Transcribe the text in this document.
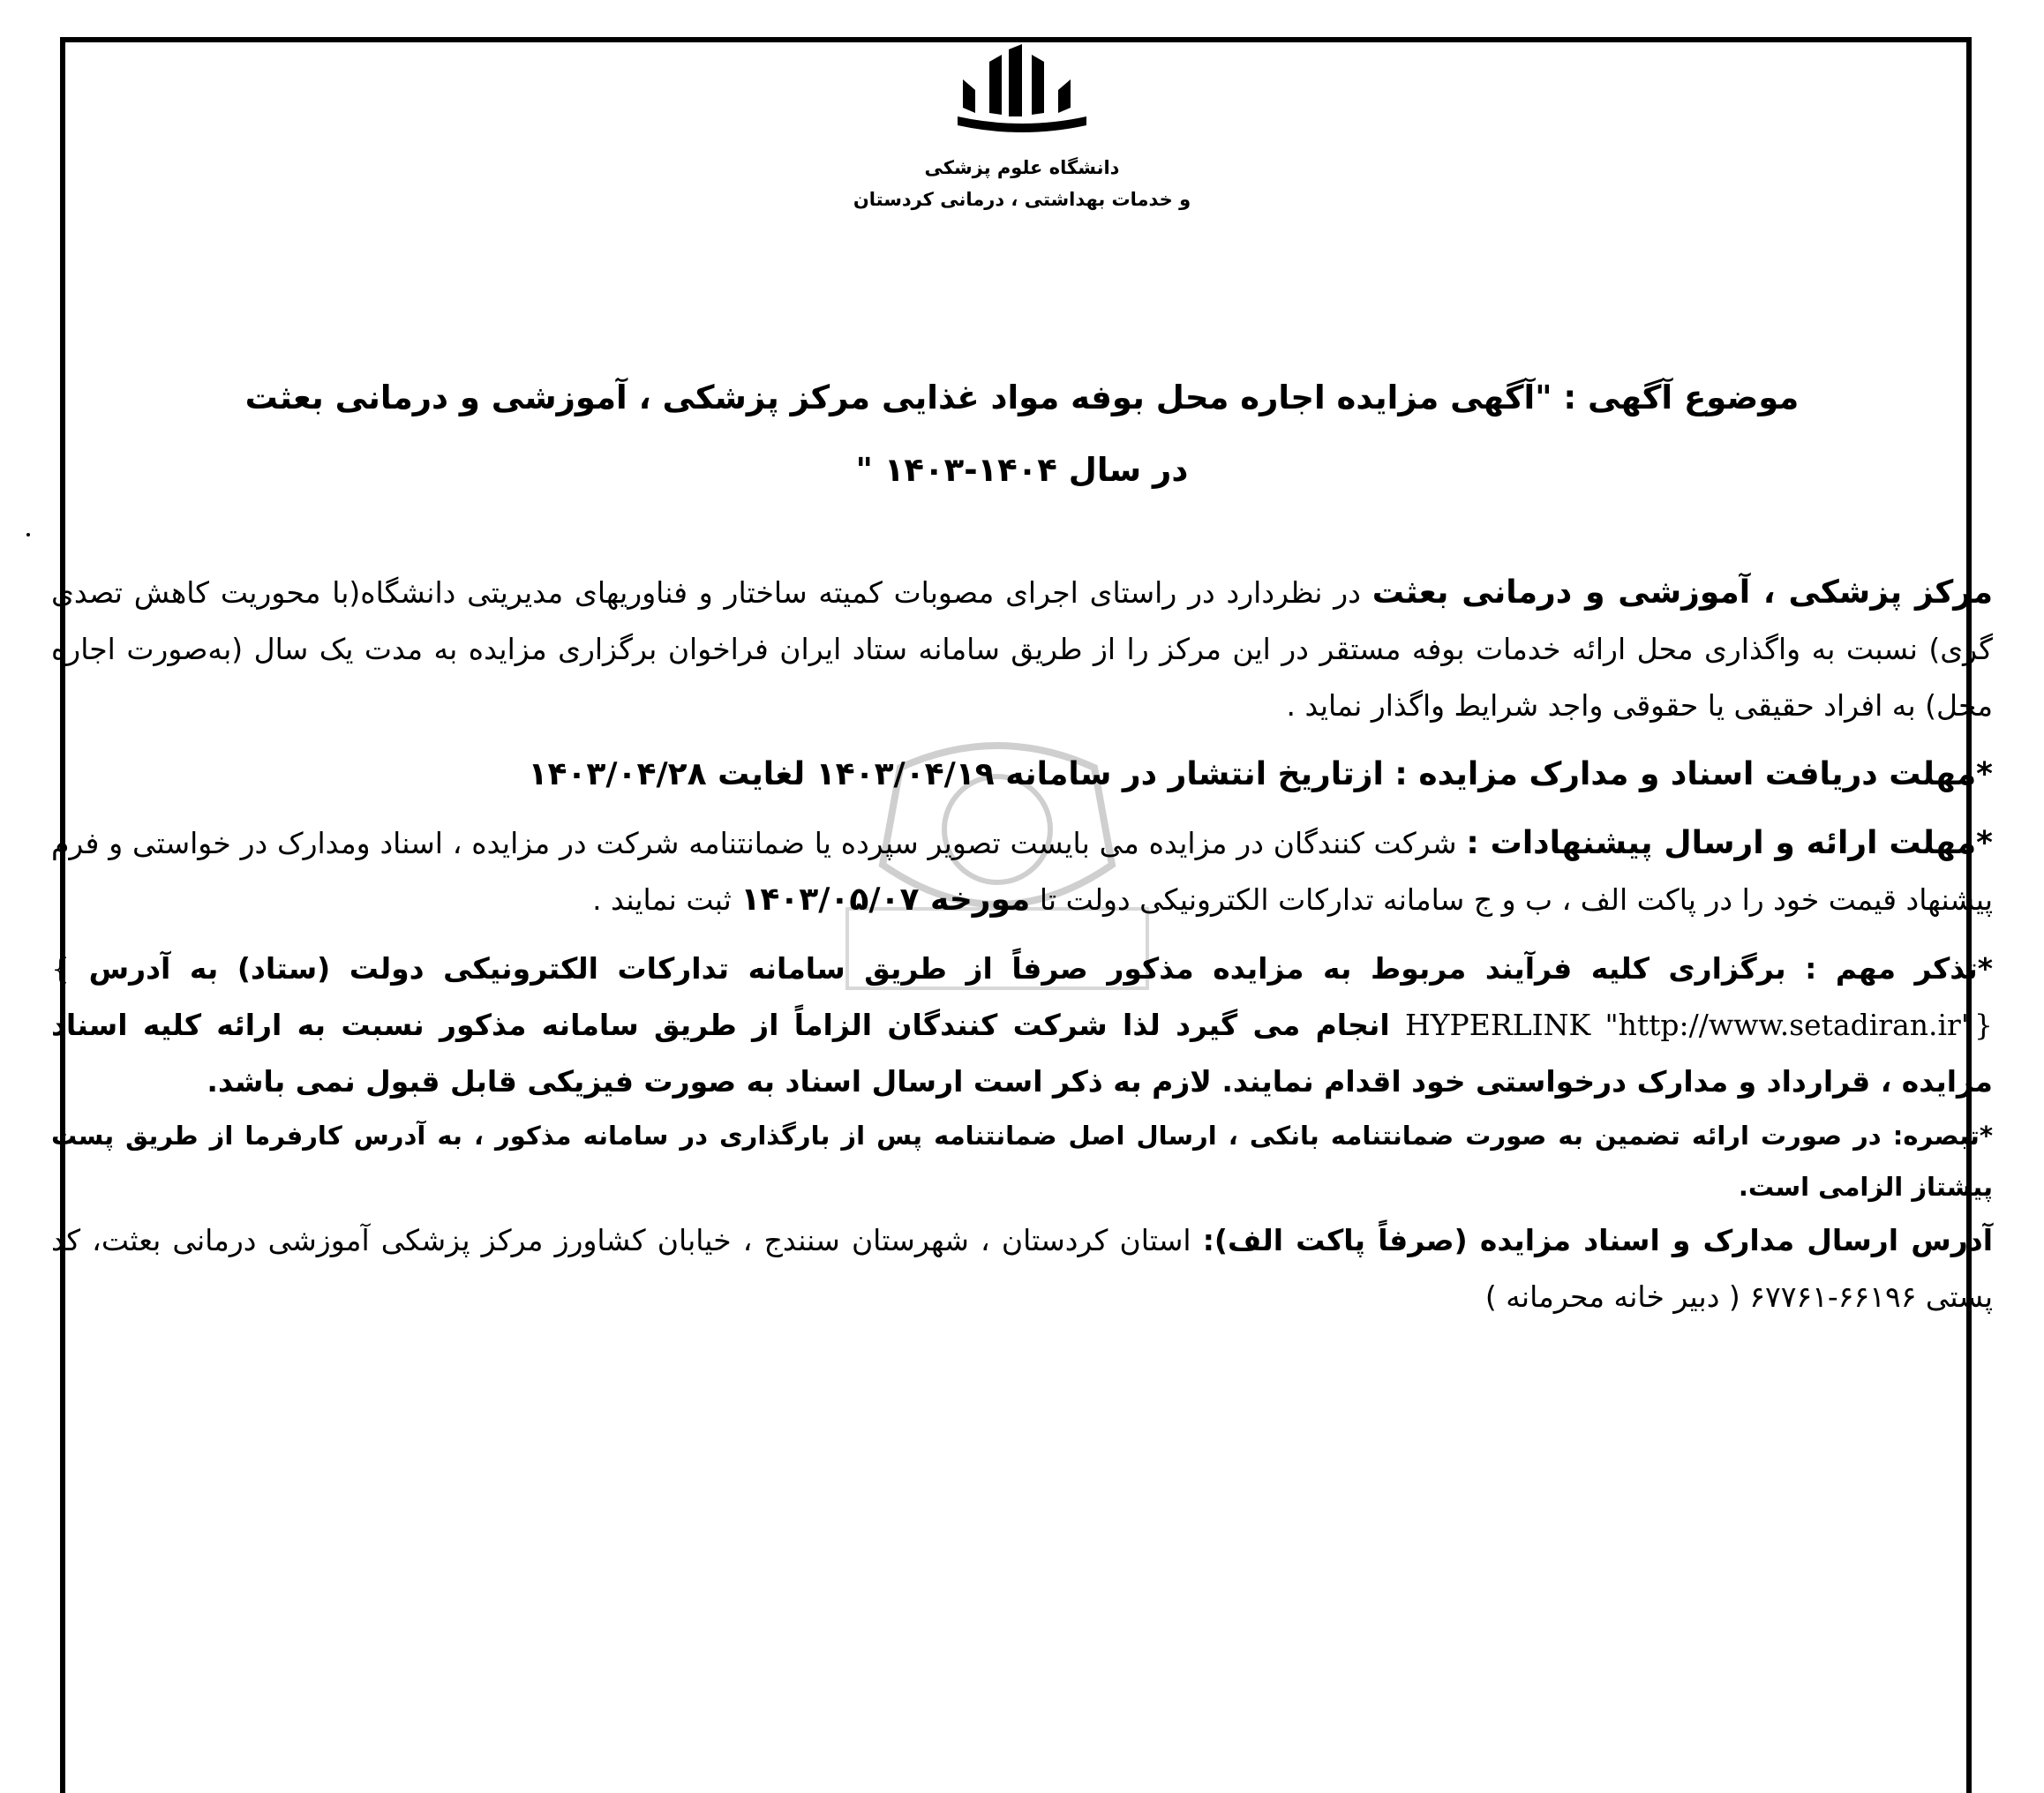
دانشگاه علوم پزشکی
و خدمات بهداشتی ، درمانی کردستان
موضوع آگهی : "آگهی مزایده اجاره محل بوفه مواد غذایی مرکز پزشکی ، آموزشی و درمانی بعثت
در سال ۱۴۰۴-۱۴۰۳ "

مرکز پزشکی ، آموزشی و درمانی بعثت در نظردارد در راستای اجرای مصوبات کمیته ساختار و فناوریهای مدیریتی دانشگاه(با محوریت کاهش تصدی گری) نسبت به واگذاری محل ارائه خدمات بوفه مستقر در این مرکز را از طریق سامانه ستاد ایران فراخوان برگزاری مزایده به مدت یک سال (به‌صورت اجاره محل) به افراد حقیقی یا حقوقی واجد شرایط واگذار نماید .

*مهلت دریافت اسناد و مدارک مزایده : ازتاریخ انتشار در سامانه ۱۴۰۳/۰۴/۱۹ لغایت ۱۴۰۳/۰۴/۲۸

*مهلت ارائه و ارسال پیشنهادات : شرکت کنندگان در مزایده می بایست تصویر سپرده یا ضمانتنامه شرکت در مزایده ، اسناد ومدارک در خواستی و فرم پیشنهاد قیمت خود را در پاکت الف ، ب و ج سامانه تدارکات الکترونیکی دولت تا مورخه ۱۴۰۳/۰۵/۰۷ ثبت نمایند .

*تذکر مهم : برگزاری کلیه فرآیند مربوط به مزایده مذکور صرفاً از طریق سامانه تدارکات الکترونیکی دولت (ستاد) به آدرس { HYPERLINK "http://www.setadiran.ir"} انجام می گیرد لذا شرکت کنندگان الزاماً از طریق سامانه مذکور نسبت به ارائه کلیه اسناد مزایده ، قرارداد و مدارک درخواستی خود اقدام نمایند. لازم به ذکر است ارسال اسناد به صورت فیزیکی قابل قبول نمی باشد.

*تبصره: در صورت ارائه تضمین به صورت ضمانتنامه بانکی ، ارسال اصل ضمانتنامه پس از بارگذاری در سامانه مذکور ، به آدرس کارفرما از طریق پست پیشتاز الزامی است.

آدرس ارسال مدارک و اسناد مزایده (صرفاً پاکت الف): استان کردستان ، شهرستان سنندج ، خیابان کشاورز مرکز پزشکی آموزشی درمانی بعثت، کد پستی ۶۶۱۹۶-۶۷۷۶۱ ( دبیر خانه محرمانه )
